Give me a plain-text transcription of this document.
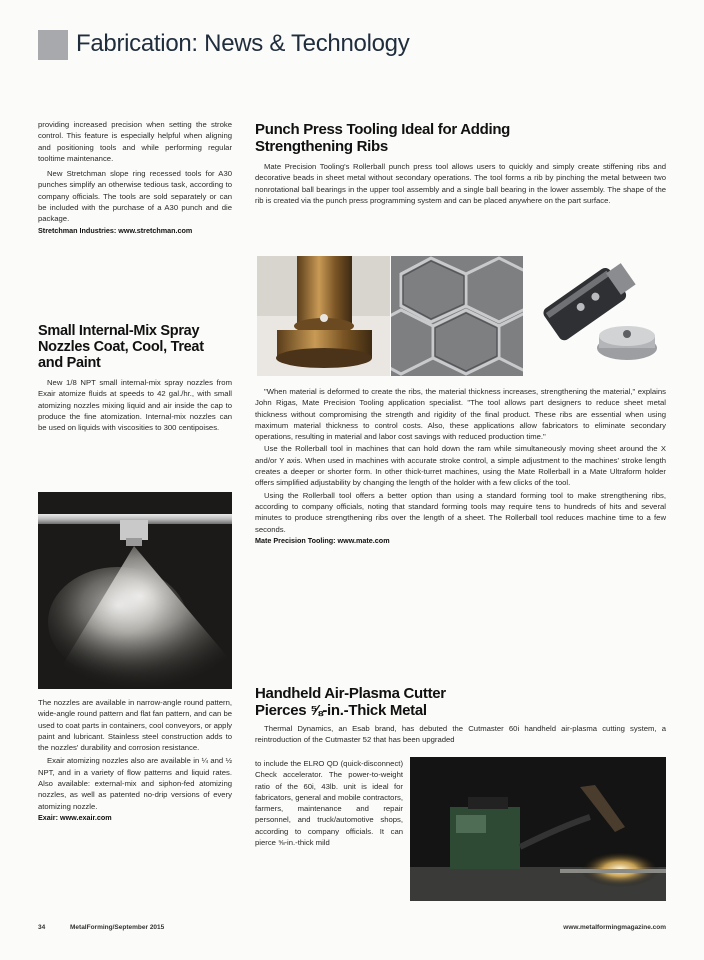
Fabrication: News & Technology

providing increased precision when setting the stroke control. This feature is especially helpful when aligning and positioning tools and while performing regular tooltime maintenance.

New Stretchman slope ring recessed tools for A30 punches simplify an otherwise tedious task, according to company officials. The tools are sold separately or can be included with the purchase of a A30 punch and die package.

Stretchman Industries: www.stretchman.com

Small Internal-Mix Spray Nozzles Coat, Cool, Treat and Paint

New 1/8 NPT small internal-mix spray nozzles from Exair atomize fluids at speeds to 42 gal./hr., with small atomizing nozzles mixing liquid and air inside the cap to produce the fine atomization. Internal-mix nozzles can be used on liquids with viscosities to 300 centipoises.

The nozzles are available in narrow-angle round pattern, wide-angle round pattern and flat fan pattern, and can be used to coat parts in containers, cool conveyors, or apply paint and lubricant. Stainless steel construction adds to the nozzles' durability and corrosion resistance.

Exair atomizing nozzles also are available in ¼ and ½ NPT, and in a variety of flow patterns and liquid rates. Also available: external-mix and siphon-fed atomizing nozzles, as well as patented no-drip versions of every atomizing nozzle.

Exair: www.exair.com

Punch Press Tooling Ideal for Adding Strengthening Ribs

Mate Precision Tooling's Rollerball punch press tool allows users to quickly and simply create stiffening ribs and decorative beads in sheet metal without secondary operations. The tool forms a rib by pinching the metal between two nonrotational ball bearings in the upper tool assembly and a single ball bearing in the lower assembly. The shape of the rib is created via the punch press programming system and can be placed anywhere on the part surface.

"When material is deformed to create the ribs, the material thickness increases, strengthening the material," explains John Rigas, Mate Precision Tooling application specialist. "The tool allows part designers to reduce sheet metal thickness without compromising the strength and rigidity of the final product. These ribs are essential when using maximum material thickness to control costs. Also, these applications allow fabricators to eliminate secondary operations, resulting in material and labor cost savings with reduced production time."

Use the Rollerball tool in machines that can hold down the ram while simultaneously moving sheet around the X and/or Y axis. When used in machines with accurate stroke control, a simple adjustment to the machines' stroke length creates a deeper or shorter form. In other thick-turret machines, using the Mate Rollerball in a Mate Ultraform holder offers simplified adjustability by changing the length of the holder with a few clicks of the tool.

Using the Rollerball tool offers a better option than using a standard forming tool to make strengthening ribs, according to company officials, noting that standard forming tools may require tens to hundreds of hits and several minutes to produce strengthening ribs over the length of a sheet. The Rollerball tool reduces machine time to a few seconds.

Mate Precision Tooling: www.mate.com

Handheld Air-Plasma Cutter
Pierces ⅝-in.-Thick Metal

Thermal Dynamics, an Esab brand, has debuted the Cutmaster 60i handheld air-plasma cutting system, a reintroduction of the Cutmaster 52 that has been upgraded

to include the ELRO QD (quick-disconnect) Check accelerator. The power-to-weight ratio of the 60i, 43lb. unit is ideal for fabricators, general and mobile contractors, farmers, maintenance and repair personnel, and truck/automotive shops, according to company officials. It can pierce ⅝-in.-thick mild

34	MetalForming/September 2015	www.metalformingmagazine.com
